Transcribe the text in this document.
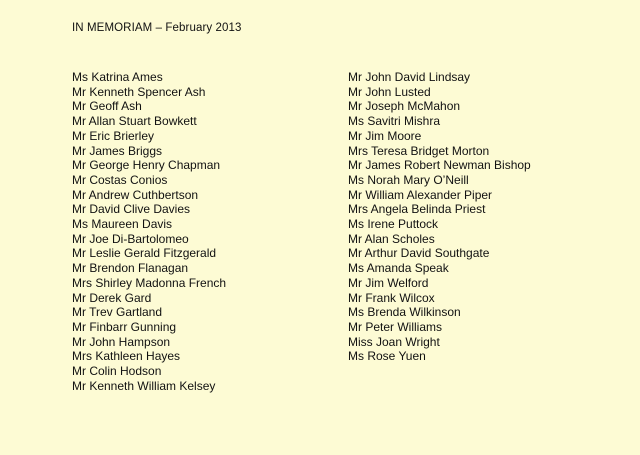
IN MEMORIAM – February 2013
Ms Katrina Ames
Mr Kenneth Spencer Ash
Mr Geoff Ash
Mr Allan Stuart Bowkett
Mr Eric Brierley
Mr James Briggs
Mr George Henry Chapman
Mr Costas Conios
Mr Andrew Cuthbertson
Mr David Clive Davies
Ms Maureen Davis
Mr Joe Di-Bartolomeo
Mr Leslie Gerald Fitzgerald
Mr Brendon Flanagan
Mrs Shirley Madonna French
Mr Derek Gard
Mr Trev Gartland
Mr Finbarr Gunning
Mr John Hampson
Mrs Kathleen Hayes
Mr Colin Hodson
Mr Kenneth William Kelsey
Mr John David Lindsay
Mr John Lusted
Mr Joseph McMahon
Ms Savitri Mishra
Mr Jim Moore
Mrs Teresa Bridget Morton
Mr James Robert Newman Bishop
Ms Norah Mary O’Neill
Mr William Alexander Piper
Mrs Angela Belinda Priest
Ms Irene Puttock
Mr Alan Scholes
Mr Arthur David Southgate
Ms Amanda Speak
Mr Jim Welford
Mr Frank Wilcox
Ms Brenda Wilkinson
Mr Peter Williams
Miss Joan Wright
Ms Rose Yuen
